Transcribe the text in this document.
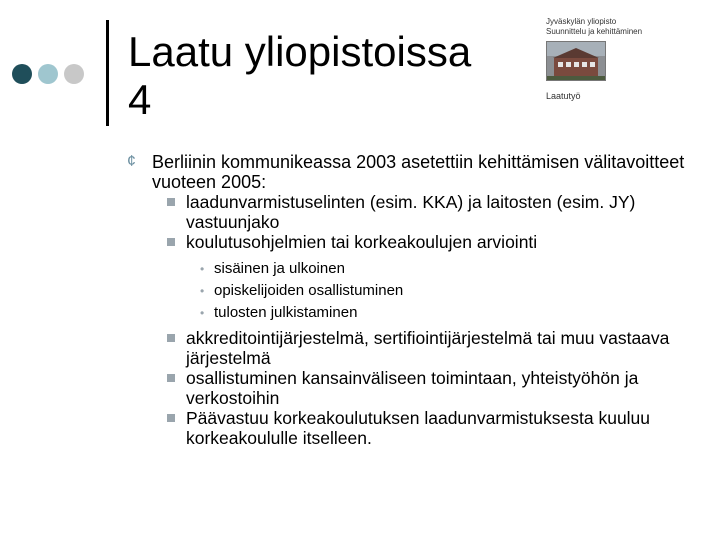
Laatu yliopistoissa
4
Jyväskylän yliopisto
Suunnittelu ja kehittäminen
Laatutyö
¢ Berliinin kommunikeassa 2003 asetettiin kehittämisen välitavoitteet vuoteen 2005:
laadunvarmistuselinten (esim. KKA) ja laitosten (esim. JY) vastuunjako
koulutusohjelmien tai korkeakoulujen arviointi
• sisäinen ja ulkoinen
• opiskelijoiden osallistuminen
• tulosten julkistaminen
akkreditointijärjestelmä, sertifiointijärjestelmä tai muu vastaava järjestelmä
osallistuminen kansainväliseen toimintaan, yhteistyöhön ja verkostoihin
Päävastuu korkeakoulutuksen laadunvarmistuksesta kuuluu korkeakoululle itselleen.
